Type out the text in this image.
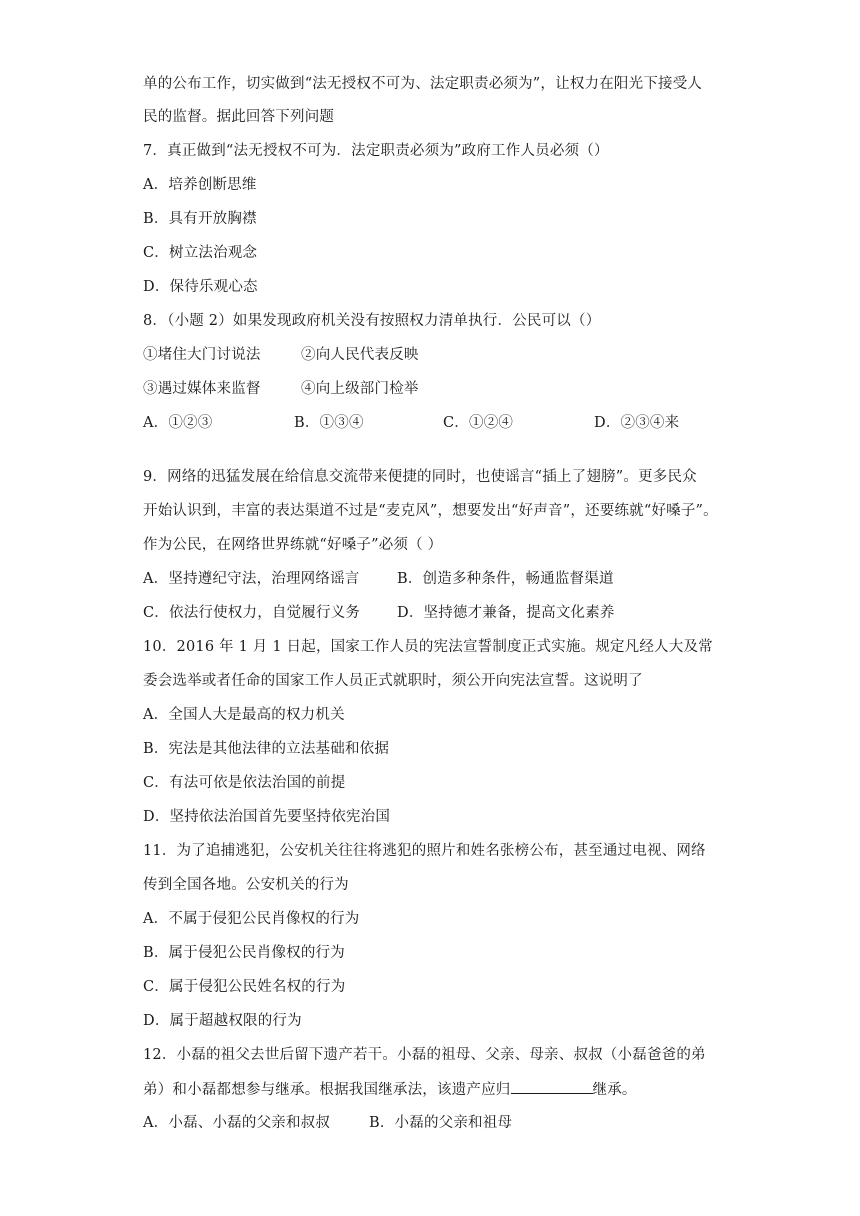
单的公布工作，切实做到“法无授权不可为、法定职责必须为”，让权力在阳光下接受人
民的监督。据此回答下列问题
7．真正做到“法无授权不可为．法定职责必须为”政府工作人员必须（）
A．培养创断思维
B．具有开放胸襟
C．树立法治观念
D．保待乐观心态
8．（小题 2）如果发现政府机关没有按照权力清单执行．公民可以（）
①堵住大门讨说法	②向人民代表反映
③遇过媒体来监督	④向上级部门检举
A．①②③	B．①③④	C．①②④	D．②③④来
9．网络的迅猛发展在给信息交流带来便捷的同时，也使谣言“插上了翅膀”。更多民众
开始认识到，丰富的表达渠道不过是“麦克风”，想要发出“好声音”，还要练就“好嗓子”。
作为公民，在网络世界练就“好嗓子”必须（ ）
A．坚持遵纪守法，治理网络谣言	B．创造多种条件，畅通监督渠道
C．依法行使权力，自觉履行义务	D．坚持德才兼备，提高文化素养
10．2016 年 1 月 1 日起，国家工作人员的宪法宣誓制度正式实施。规定凡经人大及常
委会选举或者任命的国家工作人员正式就职时，须公开向宪法宣誓。这说明了
A．全国人大是最高的权力机关
B．宪法是其他法律的立法基础和依据
C．有法可依是依法治国的前提
D．坚持依法治国首先要坚持依宪治国
11．为了追捕逃犯，公安机关往往将逃犯的照片和姓名张榜公布，甚至通过电视、网络
传到全国各地。公安机关的行为
A．不属于侵犯公民肖像权的行为
B．属于侵犯公民肖像权的行为
C．属于侵犯公民姓名权的行为
D．属于超越权限的行为
12．小磊的祖父去世后留下遗产若干。小磊的祖母、父亲、母亲、叔叔（小磊爸爸的弟
弟）和小磊都想参与继承。根据我国继承法，该遗产应归	继承。
A．小磊、小磊的父亲和叔叔	B．小磊的父亲和祖母
